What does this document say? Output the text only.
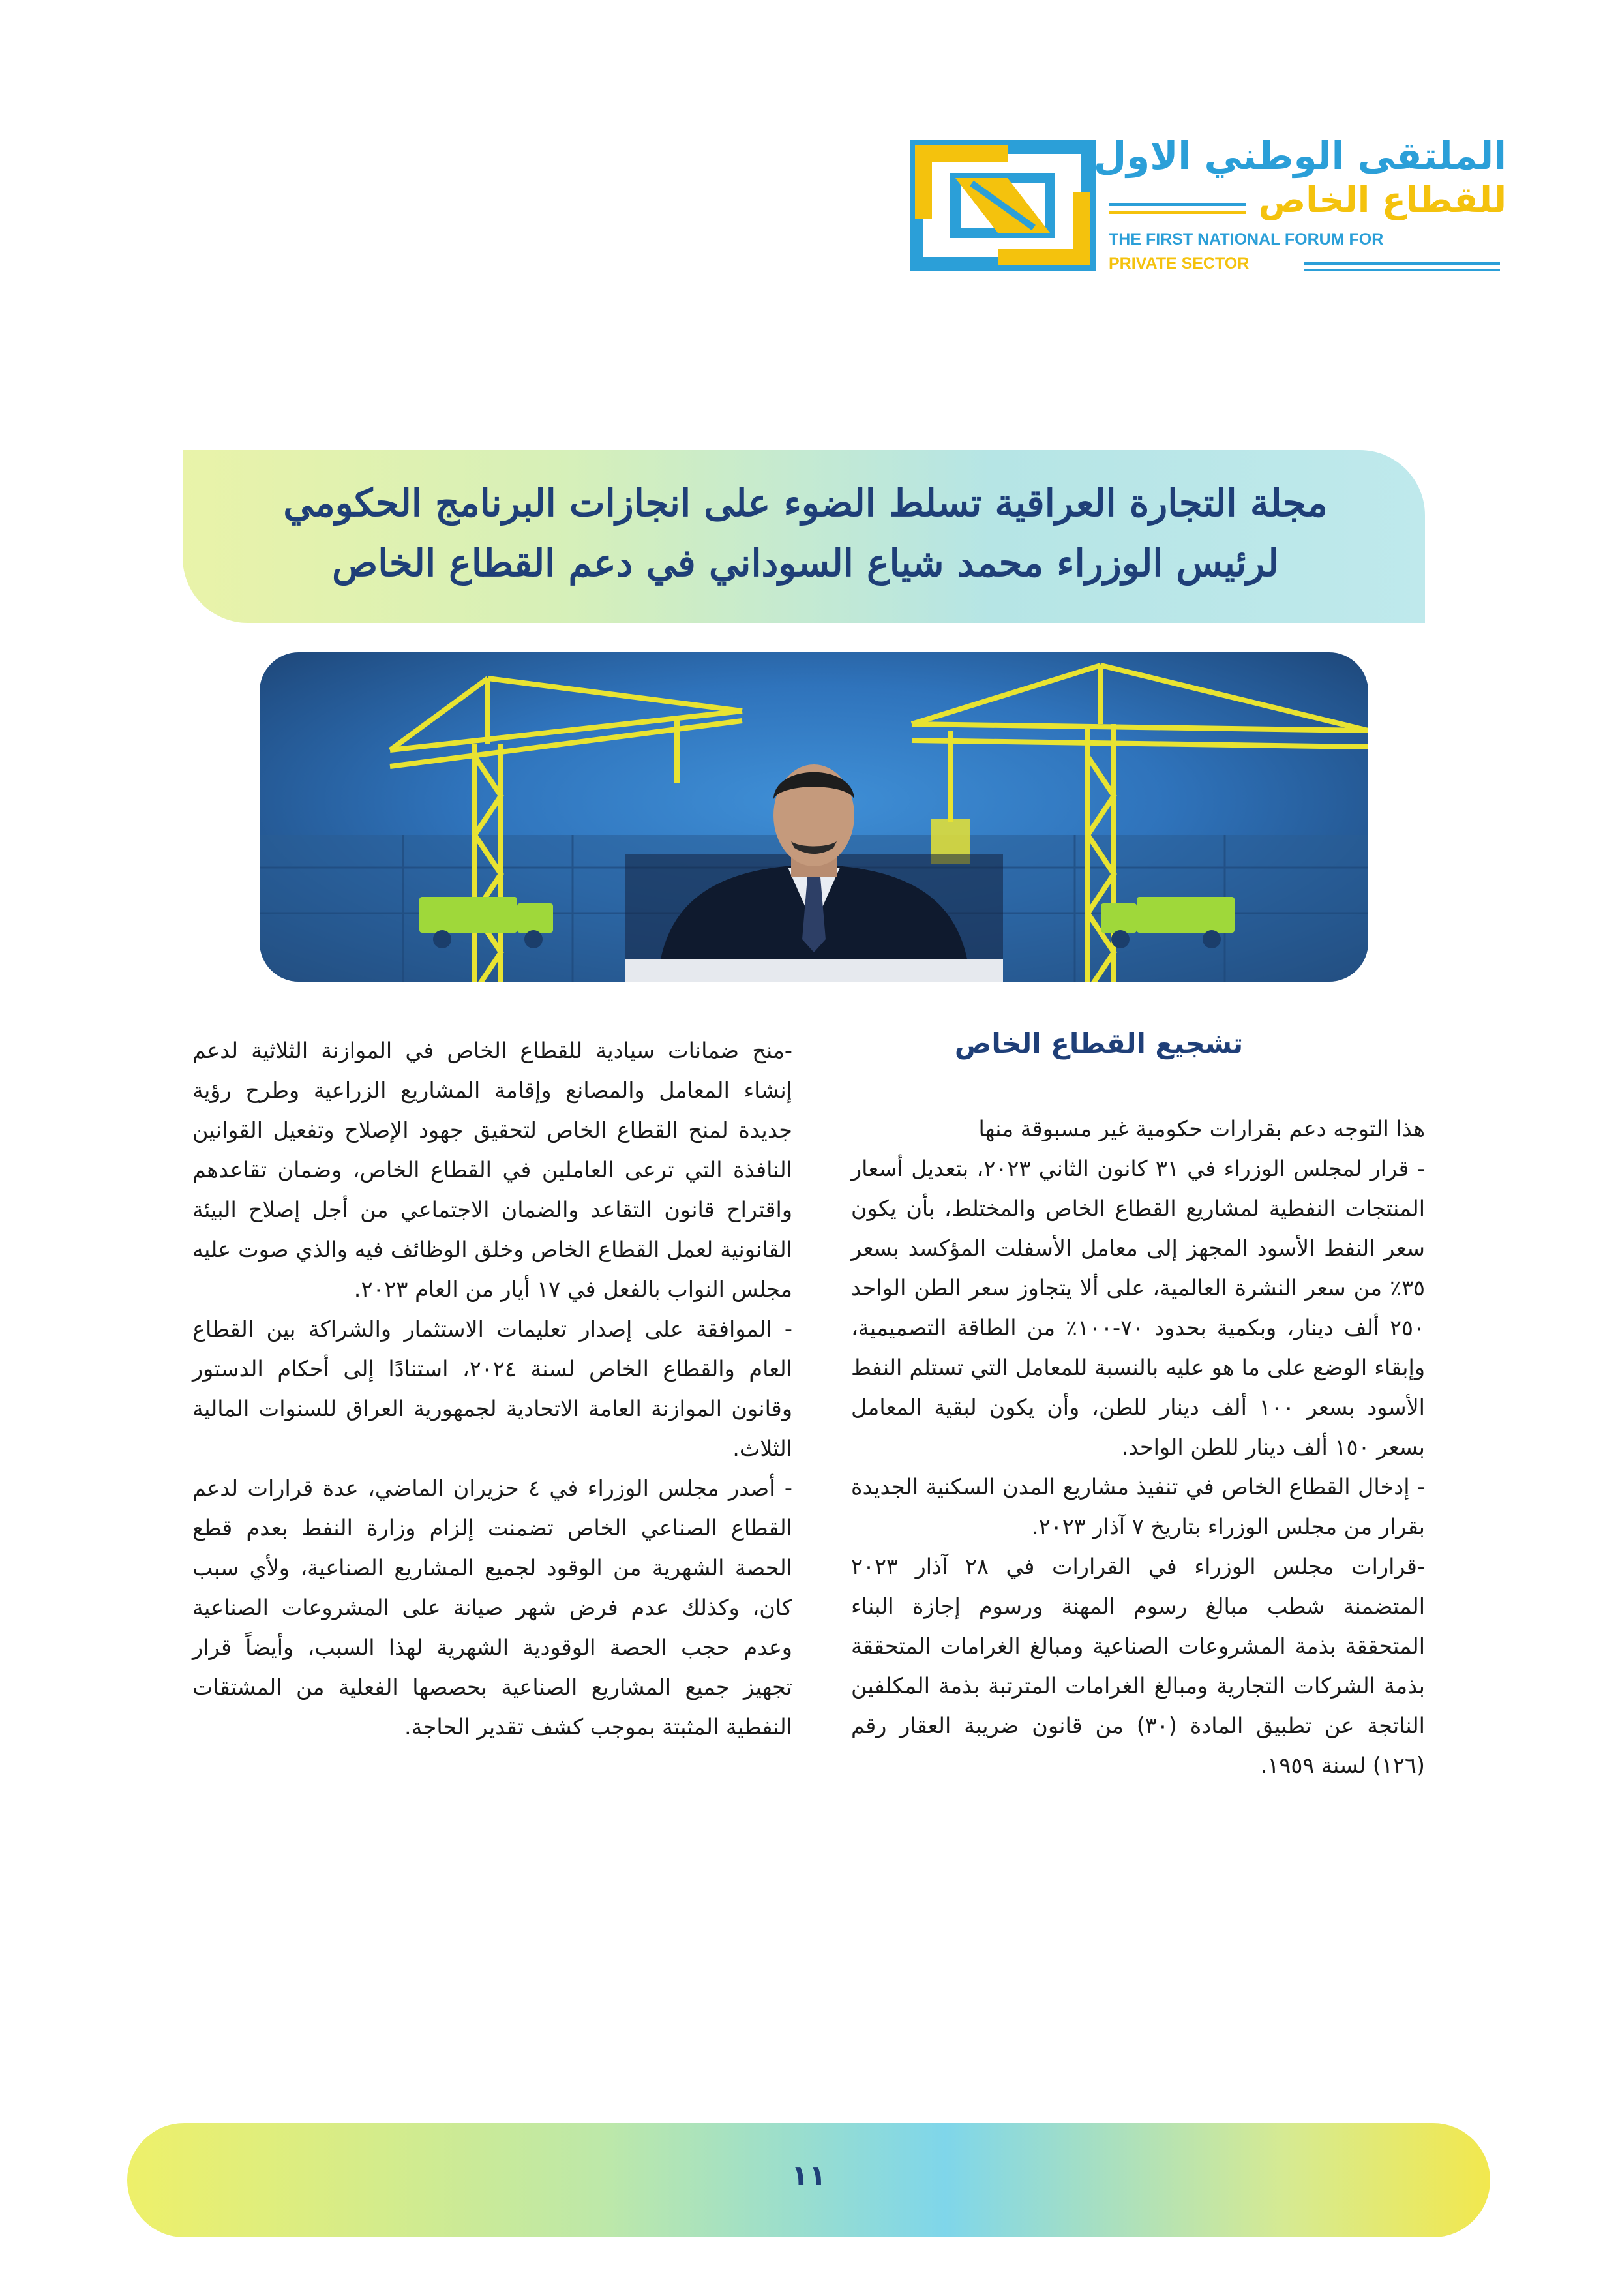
الملتقى الوطني الاول
للقطاع الخاص
THE FIRST NATIONAL FORUM FOR
PRIVATE SECTOR
مجلة التجارة العراقية تسلط الضوء على انجازات البرنامج الحكومي
لرئيس الوزراء محمد شياع السوداني في دعم القطاع الخاص
تشجيع القطاع الخاص

هذا التوجه دعم بقرارات حكومية غير مسبوقة منها

- قرار لمجلس الوزراء في ٣١ كانون الثاني ٢٠٢٣، بتعديل أسعار المنتجات النفطية لمشاريع القطاع الخاص والمختلط، بأن يكون سعر النفط الأسود المجهز إلى معامل الأسفلت المؤكسد بسعر ٣٥٪ من سعر النشرة العالمية، على ألا يتجاوز سعر الطن الواحد ٢٥٠ ألف دينار، وبكمية بحدود ٧٠-١٠٠٪ من الطاقة التصميمية، وإبقاء الوضع على ما هو عليه بالنسبة للمعامل التي تستلم النفط الأسود بسعر ١٠٠ ألف دينار للطن، وأن يكون لبقية المعامل بسعر ١٥٠ ألف دينار للطن الواحد.

- إدخال القطاع الخاص في تنفيذ مشاريع المدن السكنية الجديدة بقرار من مجلس الوزراء بتاريخ ٧ آذار ٢٠٢٣.

-قرارات مجلس الوزراء في القرارات في ٢٨ آذار ٢٠٢٣ المتضمنة شطب مبالغ رسوم المهنة ورسوم إجازة البناء المتحققة بذمة المشروعات الصناعية ومبالغ الغرامات المتحققة بذمة الشركات التجارية ومبالغ الغرامات المترتبة بذمة المكلفين الناتجة عن تطبيق المادة (٣٠) من قانون ضريبة العقار رقم (١٢٦) لسنة ١٩٥٩.

-منح ضمانات سيادية للقطاع الخاص في الموازنة الثلاثية لدعم إنشاء المعامل والمصانع وإقامة المشاريع الزراعية وطرح رؤية جديدة لمنح القطاع الخاص لتحقيق جهود الإصلاح وتفعيل القوانين النافذة التي ترعى العاملين في القطاع الخاص، وضمان تقاعدهم واقتراح قانون التقاعد والضمان الاجتماعي من أجل إصلاح البيئة القانونية لعمل القطاع الخاص وخلق الوظائف فيه والذي صوت عليه مجلس النواب بالفعل في ١٧ أيار من العام ٢٠٢٣.

- الموافقة على إصدار تعليمات الاستثمار والشراكة بين القطاع العام والقطاع الخاص لسنة ٢٠٢٤، استنادًا إلى أحكام الدستور وقانون الموازنة العامة الاتحادية لجمهورية العراق للسنوات المالية الثلاث.

- أصدر مجلس الوزراء في ٤ حزيران الماضي، عدة قرارات لدعم القطاع الصناعي الخاص تضمنت إلزام وزارة النفط بعدم قطع الحصة الشهرية من الوقود لجميع المشاريع الصناعية، ولأي سبب كان، وكذلك عدم فرض شهر صيانة على المشروعات الصناعية وعدم حجب الحصة الوقودية الشهرية لهذا السبب، وأيضاً قرار تجهيز جميع المشاريع الصناعية بحصصها الفعلية من المشتقات النفطية المثبتة بموجب كشف تقدير الحاجة.

١١
